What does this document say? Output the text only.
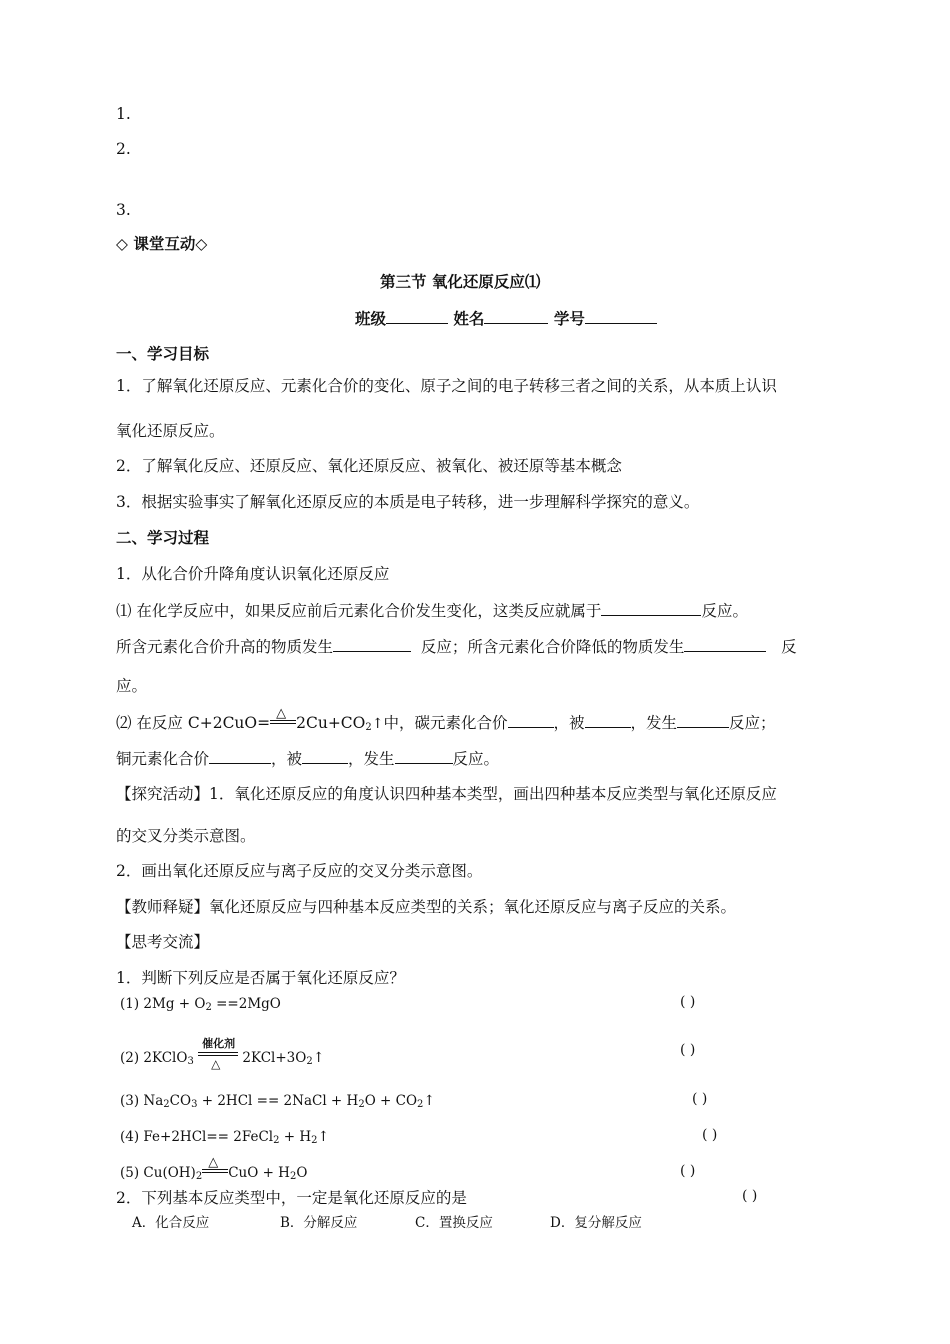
1.
2.
3.
◇ 课堂互动◇
第三节 氧化还原反应⑴
班级	姓名	学号
一、学习目标
1．了解氧化还原反应、元素化合价的变化、原子之间的电子转移三者之间的关系，从本质上认识
氧化还原反应。
2．了解氧化反应、还原反应、氧化还原反应、被氧化、被还原等基本概念
3．根据实验事实了解氧化还原反应的本质是电子转移，进一步理解科学探究的意义。
二、学习过程
1．从化合价升降角度认识氧化还原反应
⑴ 在化学反应中，如果反应前后元素化合价发生变化，这类反应就属于	反应。
所含元素化合价升高的物质发生	反应；所含元素化合价降低的物质发生	反
应。
⑵ 在反应 C+2CuO=
△
$2Cu+CO_2↑$中，碳元素化合价	，被	，发生	反应；
铜元素化合价	，被	，发生	反应。
【探究活动】1．氧化还原反应的角度认识四种基本类型，画出四种基本反应类型与氧化还原反应
的交叉分类示意图。
2．画出氧化还原反应与离子反应的交叉分类示意图。
【教师释疑】氧化还原反应与四种基本反应类型的关系；氧化还原反应与离子反应的关系。
【思考交流】
1．判断下列反应是否属于氧化还原反应？
(1) $2Mg + O_2 ==2MgO$	( )
(2) 2KClO$_3$
催化剂
△ $2KCl+3O_2↑$	( )
(3) $Na_2CO_3 + 2HCl$ == 2NaCl + $H_2O$ + $CO_2↑$	( )
(4) Fe+2HCl== 2FeCl$_2$ + $H_2↑$	( )
(5) $Cu(OH)_2$
△
CuO + $H_2O$	( )
2．下列基本反应类型中，一定是氧化还原反应的是	( )
A．化合反应	B．分解反应	C．置换反应	D．复分解反应
